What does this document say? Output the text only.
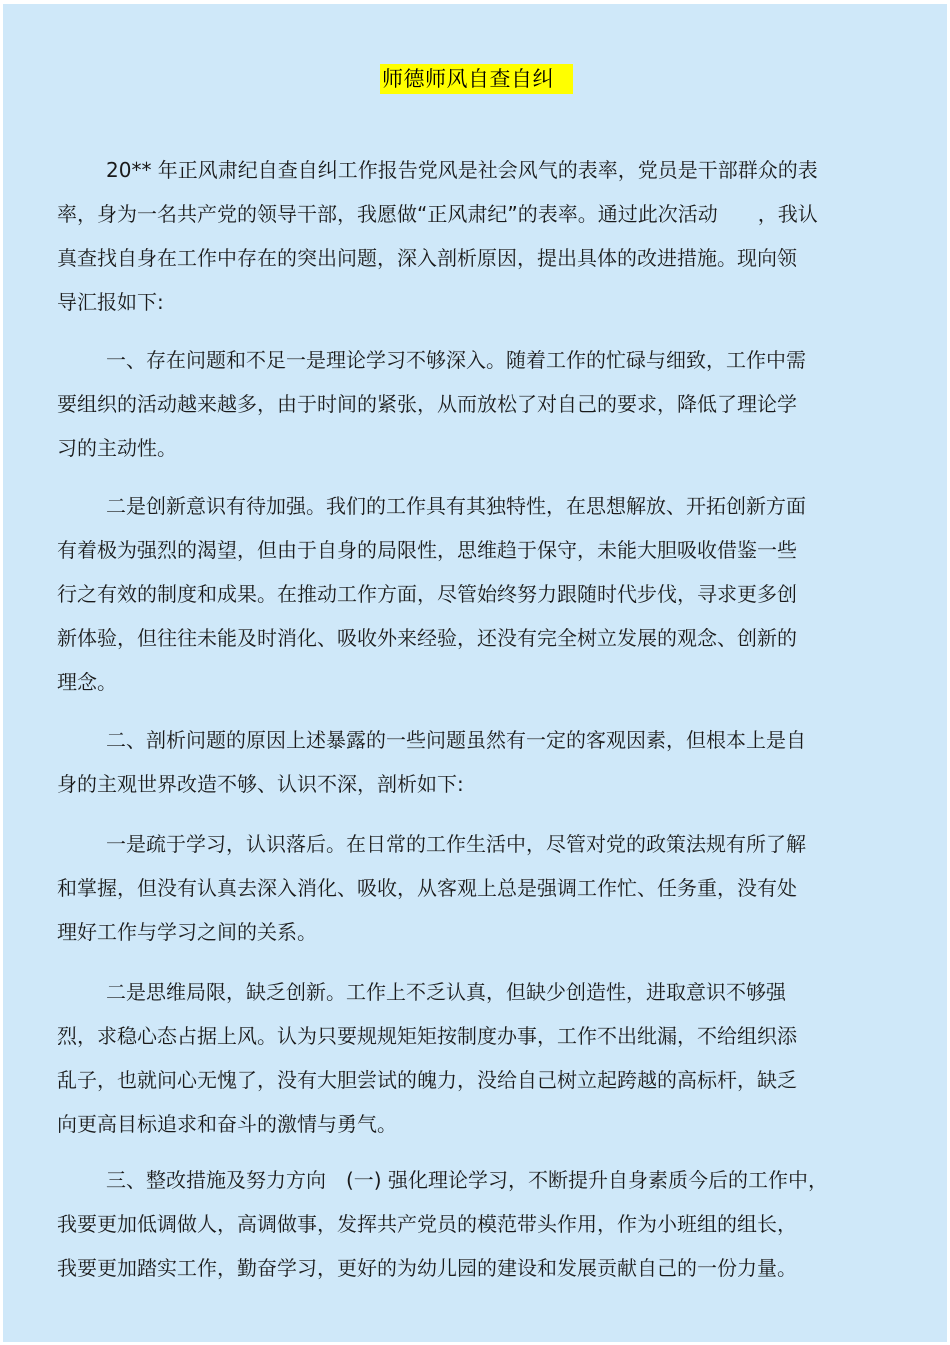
师德师风自查自纠
20** 年正风肃纪自查自纠工作报告党风是社会风气的表率，党员是干部群众的表
率，身为一名共产党的领导干部，我愿做“正风肃纪”的表率。通过此次活动　　，我认
真查找自身在工作中存在的突出问题，深入剖析原因，提出具体的改进措施。现向领
导汇报如下:
一、存在问题和不足一是理论学习不够深入。随着工作的忙碌与细致，工作中需
要组织的活动越来越多，由于时间的紧张，从而放松了对自己的要求，降低了理论学
习的主动性。
二是创新意识有待加强。我们的工作具有其独特性，在思想解放、开拓创新方面
有着极为强烈的渴望，但由于自身的局限性，思维趋于保守，未能大胆吸收借鉴一些
行之有效的制度和成果。在推动工作方面，尽管始终努力跟随时代步伐，寻求更多创
新体验，但往往未能及时消化、吸收外来经验，还没有完全树立发展的观念、创新的
理念。
二、剖析问题的原因上述暴露的一些问题虽然有一定的客观因素，但根本上是自
身的主观世界改造不够、认识不深，剖析如下:
一是疏于学习，认识落后。在日常的工作生活中，尽管对党的政策法规有所了解
和掌握，但没有认真去深入消化、吸收，从客观上总是强调工作忙、任务重，没有处
理好工作与学习之间的关系。
二是思维局限，缺乏创新。工作上不乏认真，但缺少创造性，进取意识不够强
烈，求稳心态占据上风。认为只要规规矩矩按制度办事，工作不出纰漏，不给组织添
乱子，也就问心无愧了，没有大胆尝试的魄力，没给自己树立起跨越的高标杆，缺乏
向更高目标追求和奋斗的激情与勇气。
三、整改措施及努力方向　(一) 强化理论学习，不断提升自身素质今后的工作中，
我要更加低调做人，高调做事，发挥共产党员的模范带头作用，作为小班组的组长，
我要更加踏实工作，勤奋学习，更好的为幼儿园的建设和发展贡献自己的一份力量。
